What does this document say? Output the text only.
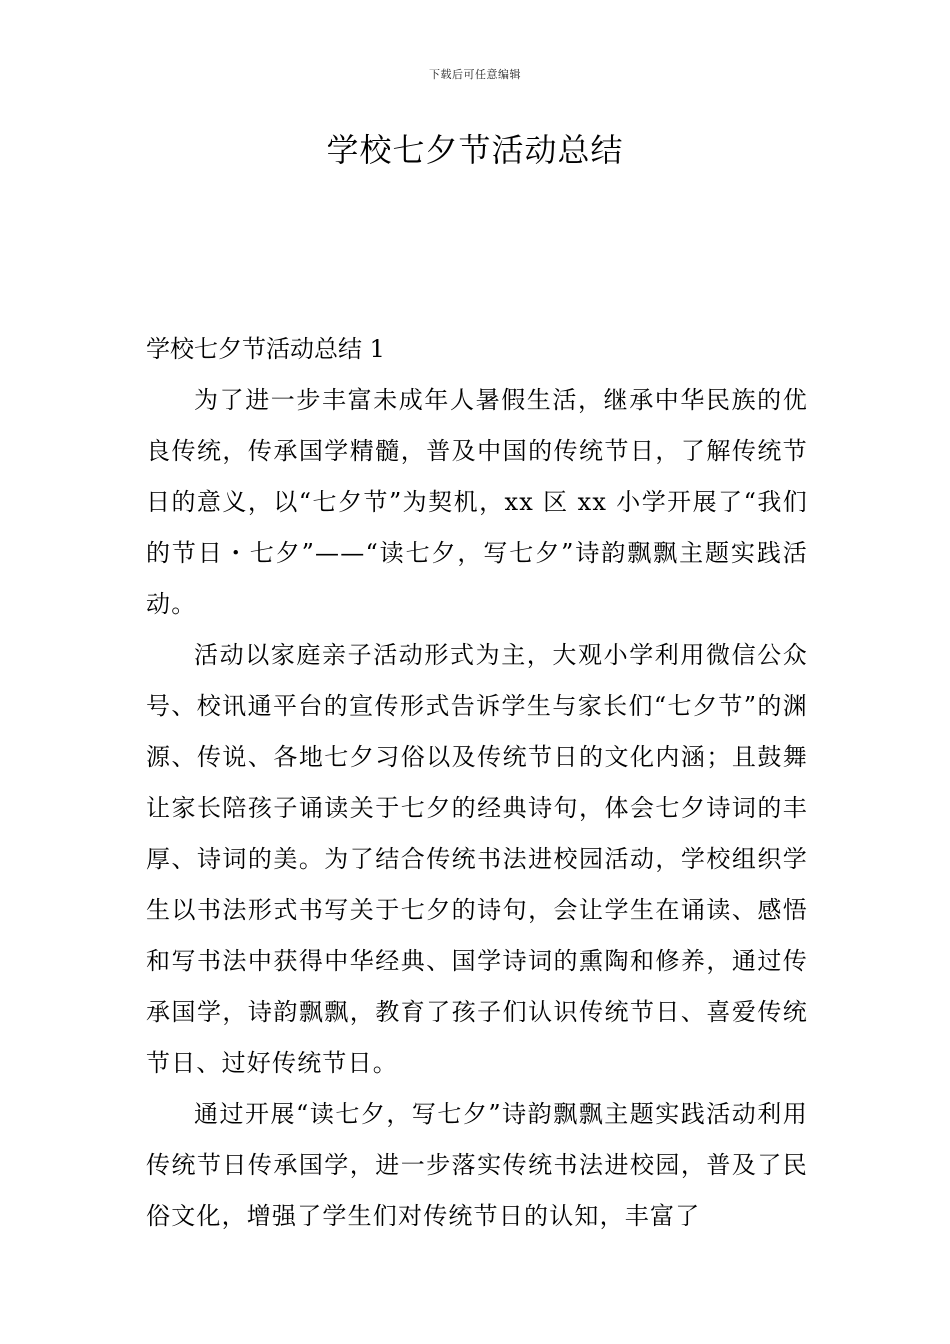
下载后可任意编辑
学校七夕节活动总结

学校七夕节活动总结 1

为了进一步丰富未成年人暑假生活，继承中华民族的优良传统，传承国学精髓，普及中国的传统节日，了解传统节日的意义，以“七夕节”为契机，xx 区 xx 小学开展了“我们的节日・七夕”——“读七夕，写七夕”诗韵飘飘主题实践活动。

活动以家庭亲子活动形式为主，大观小学利用微信公众号、校讯通平台的宣传形式告诉学生与家长们“七夕节”的渊源、传说、各地七夕习俗以及传统节日的文化内涵；且鼓舞让家长陪孩子诵读关于七夕的经典诗句，体会七夕诗词的丰厚、诗词的美。为了结合传统书法进校园活动，学校组织学生以书法形式书写关于七夕的诗句，会让学生在诵读、感悟和写书法中获得中华经典、国学诗词的熏陶和修养，通过传承国学，诗韵飘飘，教育了孩子们认识传统节日、喜爱传统节日、过好传统节日。

通过开展“读七夕，写七夕”诗韵飘飘主题实践活动利用传统节日传承国学，进一步落实传统书法进校园，普及了民俗文化，增强了学生们对传统节日的认知，丰富了
